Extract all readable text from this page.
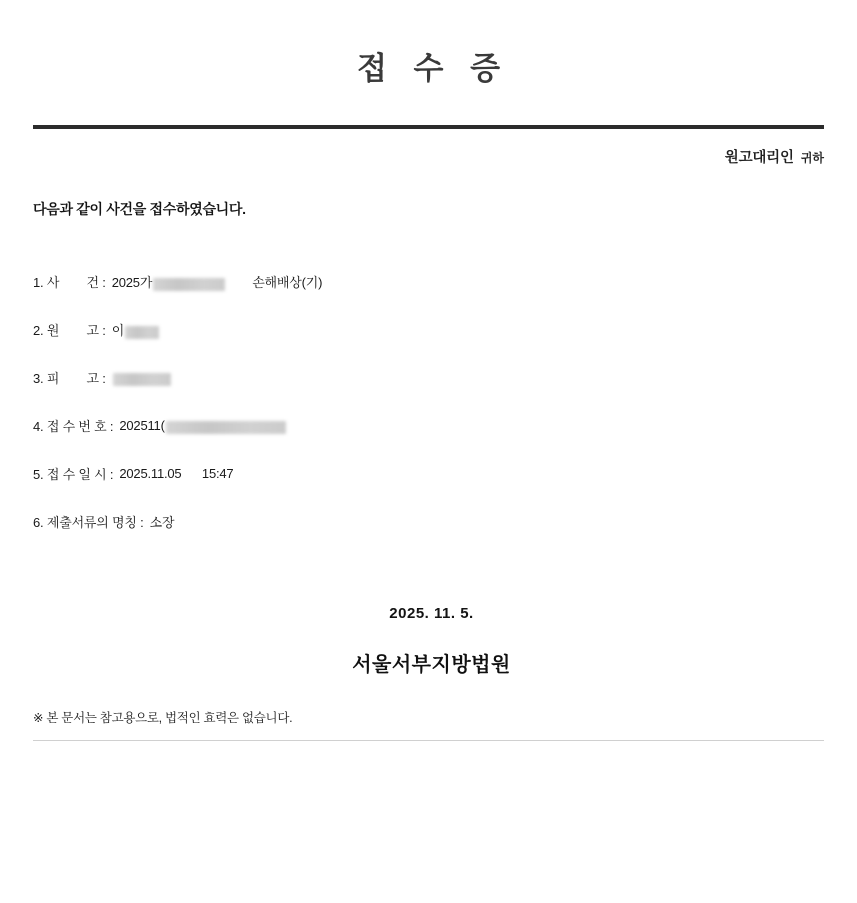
접 수 증
원고대리인 귀하
다음과 같이 사건을 접수하였습니다.
1. 사        건 : 2025가	손해배상(기)
2. 원        고 : 이
3. 피        고 :
4. 접 수 번 호 : 202511(
5. 접 수 일 시 : 2025.11.05      15:47
6. 제출서류의 명칭 : 소장
2025. 11. 5.
서울서부지방법원
※ 본 문서는 참고용으로, 법적인 효력은 없습니다.
